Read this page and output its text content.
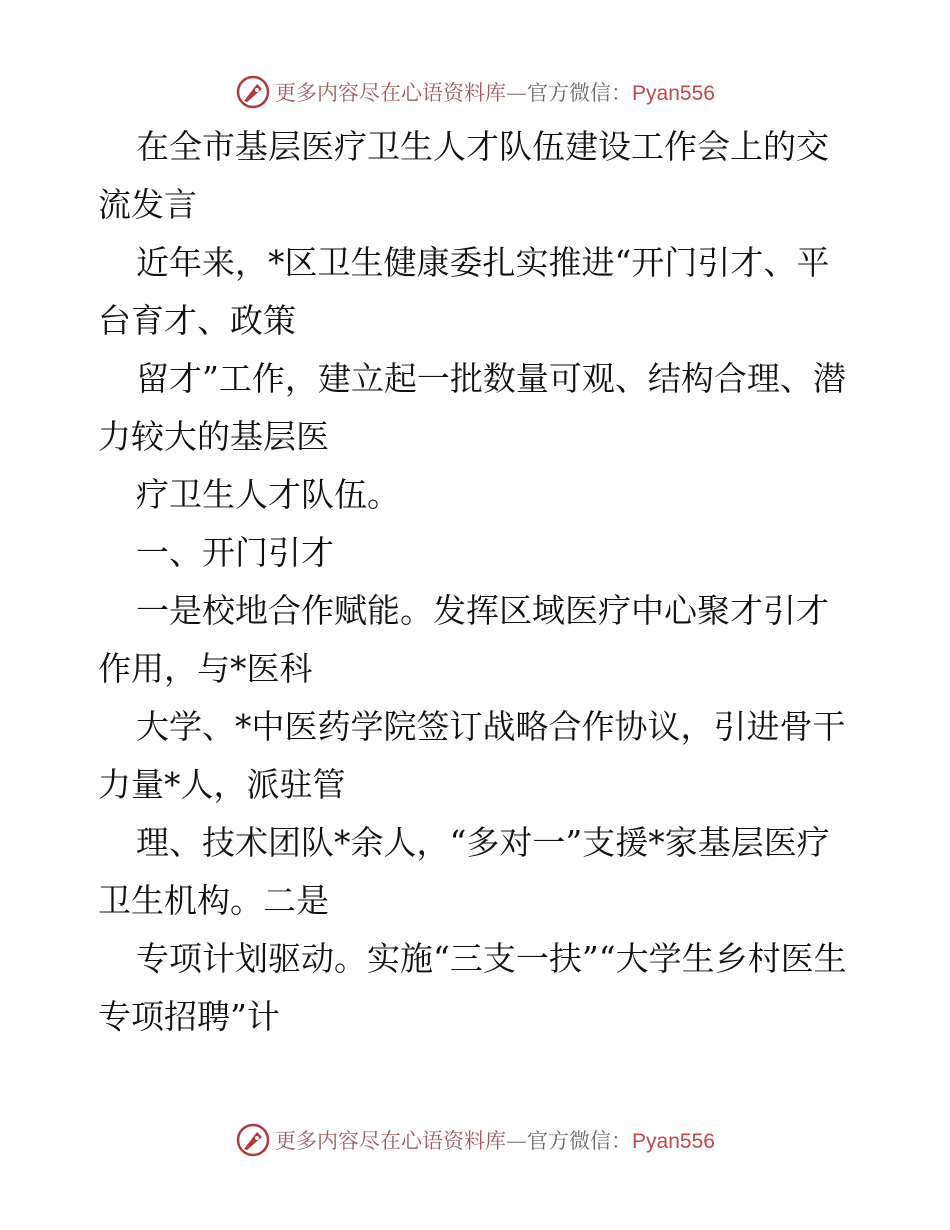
更多内容尽在心语资料库—官方微信：Pyan556

在全市基层医疗卫生人才队伍建设工作会上的交流发言

近年来，*区卫生健康委扎实推进“开门引才、平台育才、政策

留才”工作，建立起一批数量可观、结构合理、潜力较大的基层医

疗卫生人才队伍。

一、开门引才

一是校地合作赋能。发挥区域医疗中心聚才引才作用，与*医科

大学、*中医药学院签订战略合作协议，引进骨干力量*人，派驻管

理、技术团队*余人，“多对一”支援*家基层医疗卫生机构。二是

专项计划驱动。实施“三支一扶”“大学生乡村医生专项招聘”计

更多内容尽在心语资料库—官方微信：Pyan556
